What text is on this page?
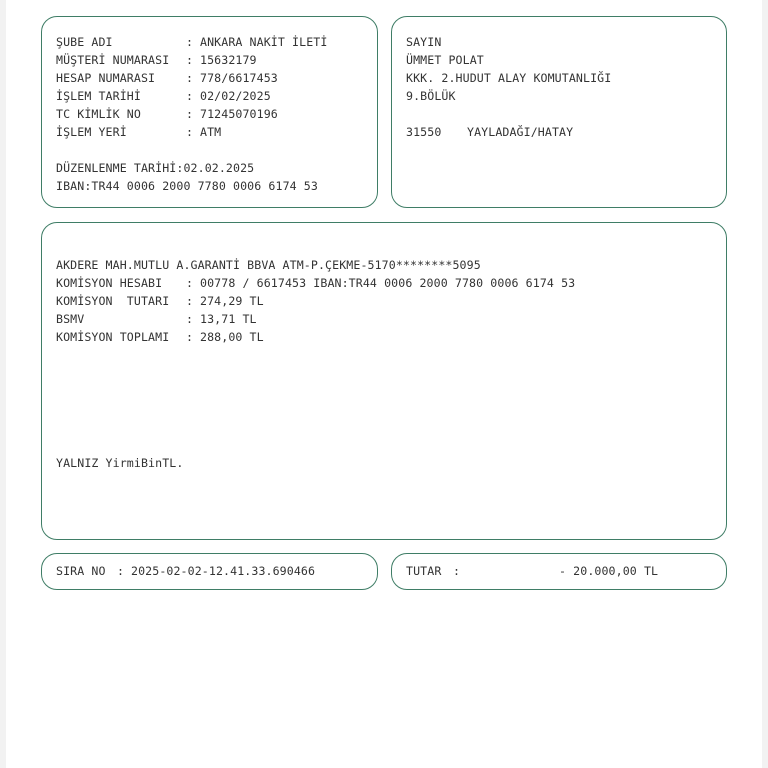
ŞUBE ADI	: ANKARA NAKİT İLETİ
MÜŞTERİ NUMARASI : 15632179
HESAP NUMARASI	: 778/6617453
İŞLEM TARİHİ	: 02/02/2025
TC KİMLİK NO	: 71245070196
İŞLEM YERİ	: ATM
DÜZENLENME TARİHİ:02.02.2025
IBAN:TR44 0006 2000 7780 0006 6174 53
SAYIN
ÜMMET POLAT
KKK. 2.HUDUT ALAY KOMUTANLIĞI
9.BÖLÜK
31550 YAYLADAĞI/HATAY
AKDERE MAH.MUTLU A.GARANTİ BBVA ATM-P.ÇEKME-5170********5095
KOMİSYON HESABI : 00778 / 6617453 IBAN:TR44 0006 2000 7780 0006 6174 53
KOMİSYON  TUTARI : 274,29 TL
BSMV	: 13,71 TL
KOMİSYON TOPLAMI : 288,00 TL
YALNIZ YirmiBinTL.
SIRA NO : 2025-02-02-12.41.33.690466	TUTAR :	- 20.000,00 TL
